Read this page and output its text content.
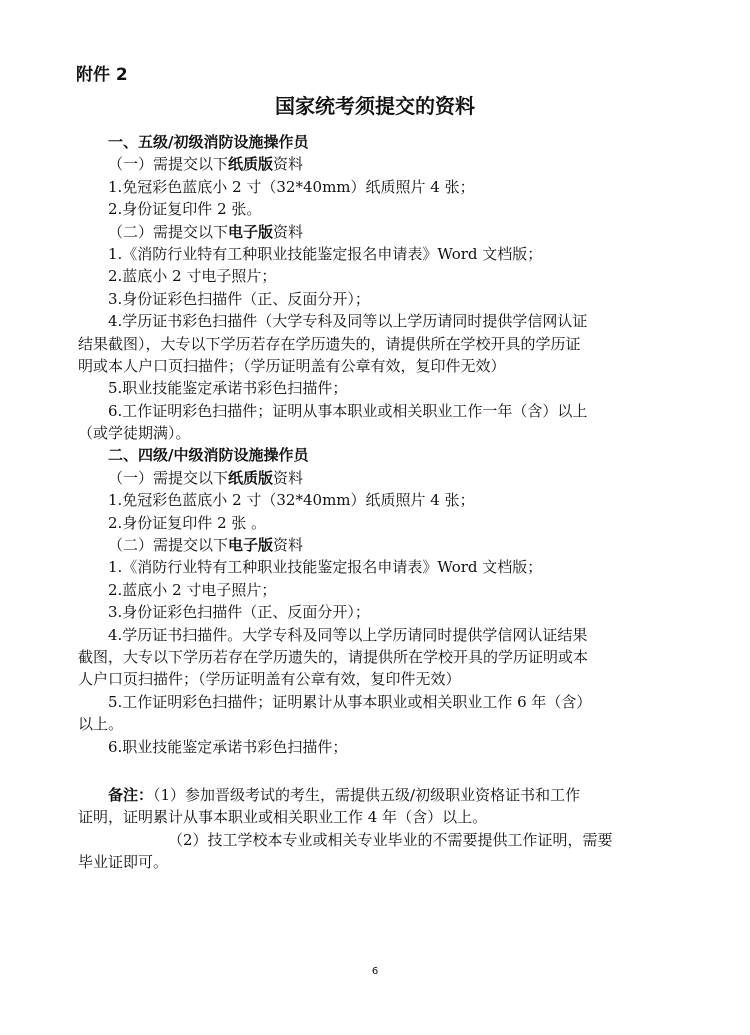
附件 2
国家统考须提交的资料
一、五级/初级消防设施操作员
（一）需提交以下纸质版资料
1.免冠彩色蓝底小 2 寸（32*40mm）纸质照片 4 张；
2.身份证复印件 2 张。
（二）需提交以下电子版资料
1.《消防行业特有工种职业技能鉴定报名申请表》Word 文档版；
2.蓝底小 2 寸电子照片；
3.身份证彩色扫描件（正、反面分开）；
4.学历证书彩色扫描件（大学专科及同等以上学历请同时提供学信网认证
结果截图），大专以下学历若存在学历遗失的，请提供所在学校开具的学历证
明或本人户口页扫描件；（学历证明盖有公章有效，复印件无效）
5.职业技能鉴定承诺书彩色扫描件；
6.工作证明彩色扫描件；证明从事本职业或相关职业工作一年（含）以上
（或学徒期满）。
二、四级/中级消防设施操作员
（一）需提交以下纸质版资料
1.免冠彩色蓝底小 2 寸（32*40mm）纸质照片 4 张；
2.身份证复印件 2 张 。
（二）需提交以下电子版资料
1.《消防行业特有工种职业技能鉴定报名申请表》Word 文档版；
2.蓝底小 2 寸电子照片；
3.身份证彩色扫描件（正、反面分开）；
4.学历证书扫描件。大学专科及同等以上学历请同时提供学信网认证结果
截图，大专以下学历若存在学历遗失的，请提供所在学校开具的学历证明或本
人户口页扫描件；（学历证明盖有公章有效，复印件无效）
5.工作证明彩色扫描件；证明累计从事本职业或相关职业工作 6 年（含）
以上。
6.职业技能鉴定承诺书彩色扫描件；
备注：（1）参加晋级考试的考生，需提供五级/初级职业资格证书和工作
证明，证明累计从事本职业或相关职业工作 4 年（含）以上。
（2）技工学校本专业或相关专业毕业的不需要提供工作证明，需要
毕业证即可。
6
